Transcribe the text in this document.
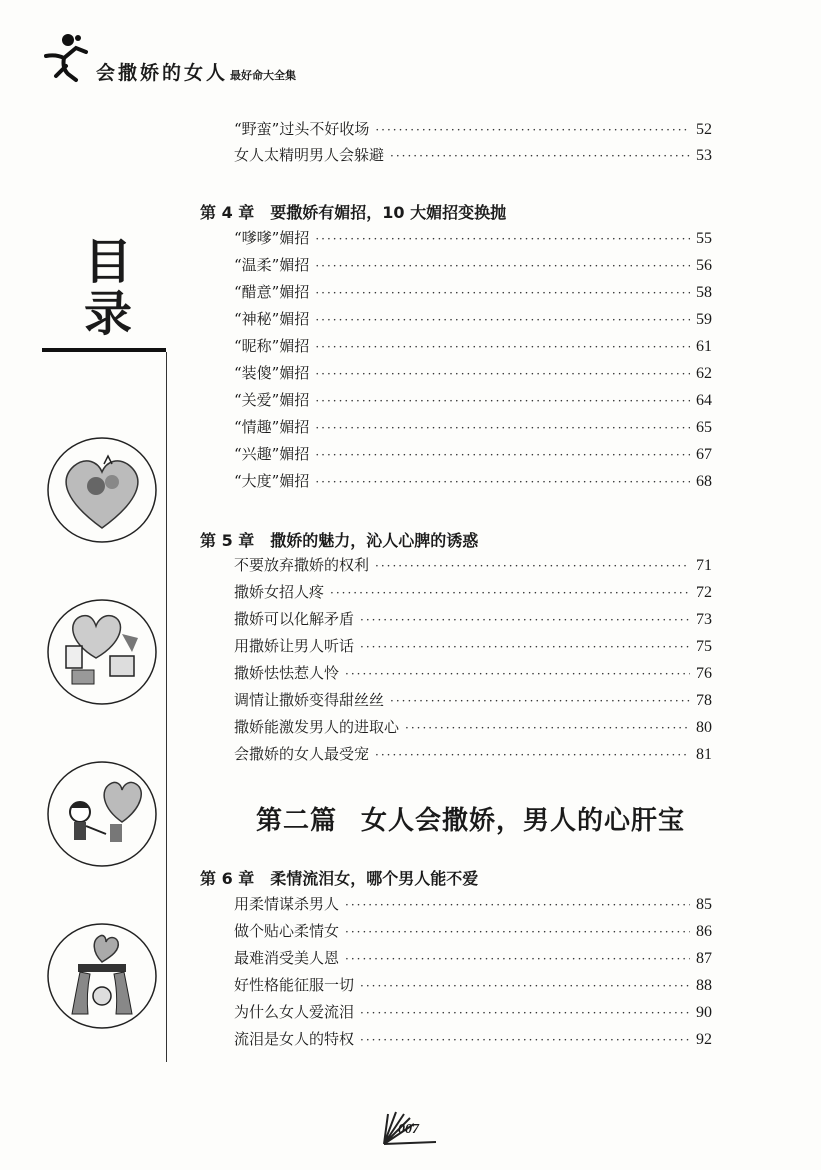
会撒娇的女人 最好命大全集
目
录
“野蛮”过头不好收场 ·····	52
女人太精明男人会躲避 ·····	53
第 4 章 要撒娇有媚招，10 大媚招变换抛
“嗲嗲”媚招 ·····	55
“温柔”媚招 ·····	56
“醋意”媚招 ·····	58
“神秘”媚招 ·····	59
“昵称”媚招 ·····	61
“装傻”媚招 ·····	62
“关爱”媚招 ·····	64
“情趣”媚招 ·····	65
“兴趣”媚招 ·····	67
“大度”媚招 ·····	68
第 5 章 撒娇的魅力，沁人心脾的诱惑
不要放弃撒娇的权利 ·····	71
撒娇女招人疼 ·····	72
撒娇可以化解矛盾 ·····	73
用撒娇让男人听话 ·····	75
撒娇怯怯惹人怜 ·····	76
调情让撒娇变得甜丝丝 ·····	78
撒娇能激发男人的进取心 ·····	80
会撒娇的女人最受宠 ·····	81
第二篇 女人会撒娇，男人的心肝宝
第 6 章 柔情流泪女，哪个男人能不爱
用柔情谋杀男人 ·····	85
做个贴心柔情女 ·····	86
最难消受美人恩 ·····	87
好性格能征服一切 ·····	88
为什么女人爱流泪 ·····	90
流泪是女人的特权 ·····	92
007
